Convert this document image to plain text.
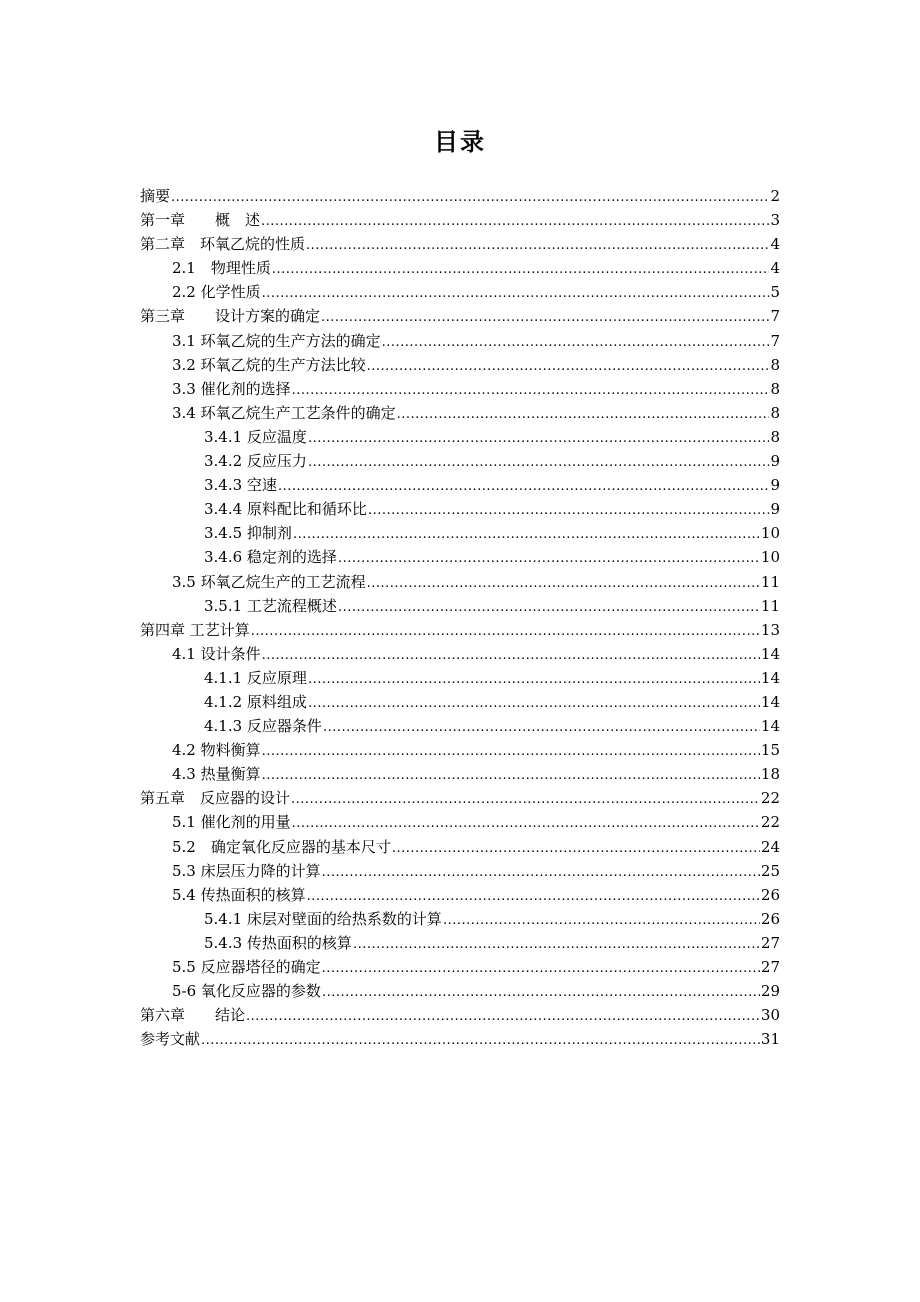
目录
摘要 .....	2
第一章　　概　述 .....	3
第二章　环氧乙烷的性质 .....	4
2.1　物理性质 .....	4
2.2 化学性质 .....	5
第三章　　设计方案的确定 .....	7
3.1 环氧乙烷的生产方法的确定 .....	7
3.2 环氧乙烷的生产方法比较 .....	8
3.3 催化剂的选择 .....	8
3.4 环氧乙烷生产工艺条件的确定 .....	8
3.4.1 反应温度 .....	8
3.4.2 反应压力 .....	9
3.4.3 空速 .....	9
3.4.4 原料配比和循环比 .....	9
3.4.5 抑制剂 .....	10
3.4.6 稳定剂的选择 .....	10
3.5 环氧乙烷生产的工艺流程 .....	11
3.5.1 工艺流程概述 .....	11
第四章 工艺计算 .....	13
4.1 设计条件 .....	14
4.1.1 反应原理 .....	14
4.1.2 原料组成 .....	14
4.1.3 反应器条件 .....	14
4.2 物料衡算 .....	15
4.3 热量衡算 .....	18
第五章　反应器的设计 .....	22
5.1 催化剂的用量 .....	22
5.2　确定氧化反应器的基本尺寸 .....	24
5.3 床层压力降的计算 .....	25
5.4 传热面积的核算 .....	26
5.4.1 床层对壁面的给热系数的计算 .....	26
5.4.3 传热面积的核算 .....	27
5.5 反应器塔径的确定 .....	27
5-6 氧化反应器的参数 .....	29
第六章　　结论 .....	30
参考文献 .....	31
